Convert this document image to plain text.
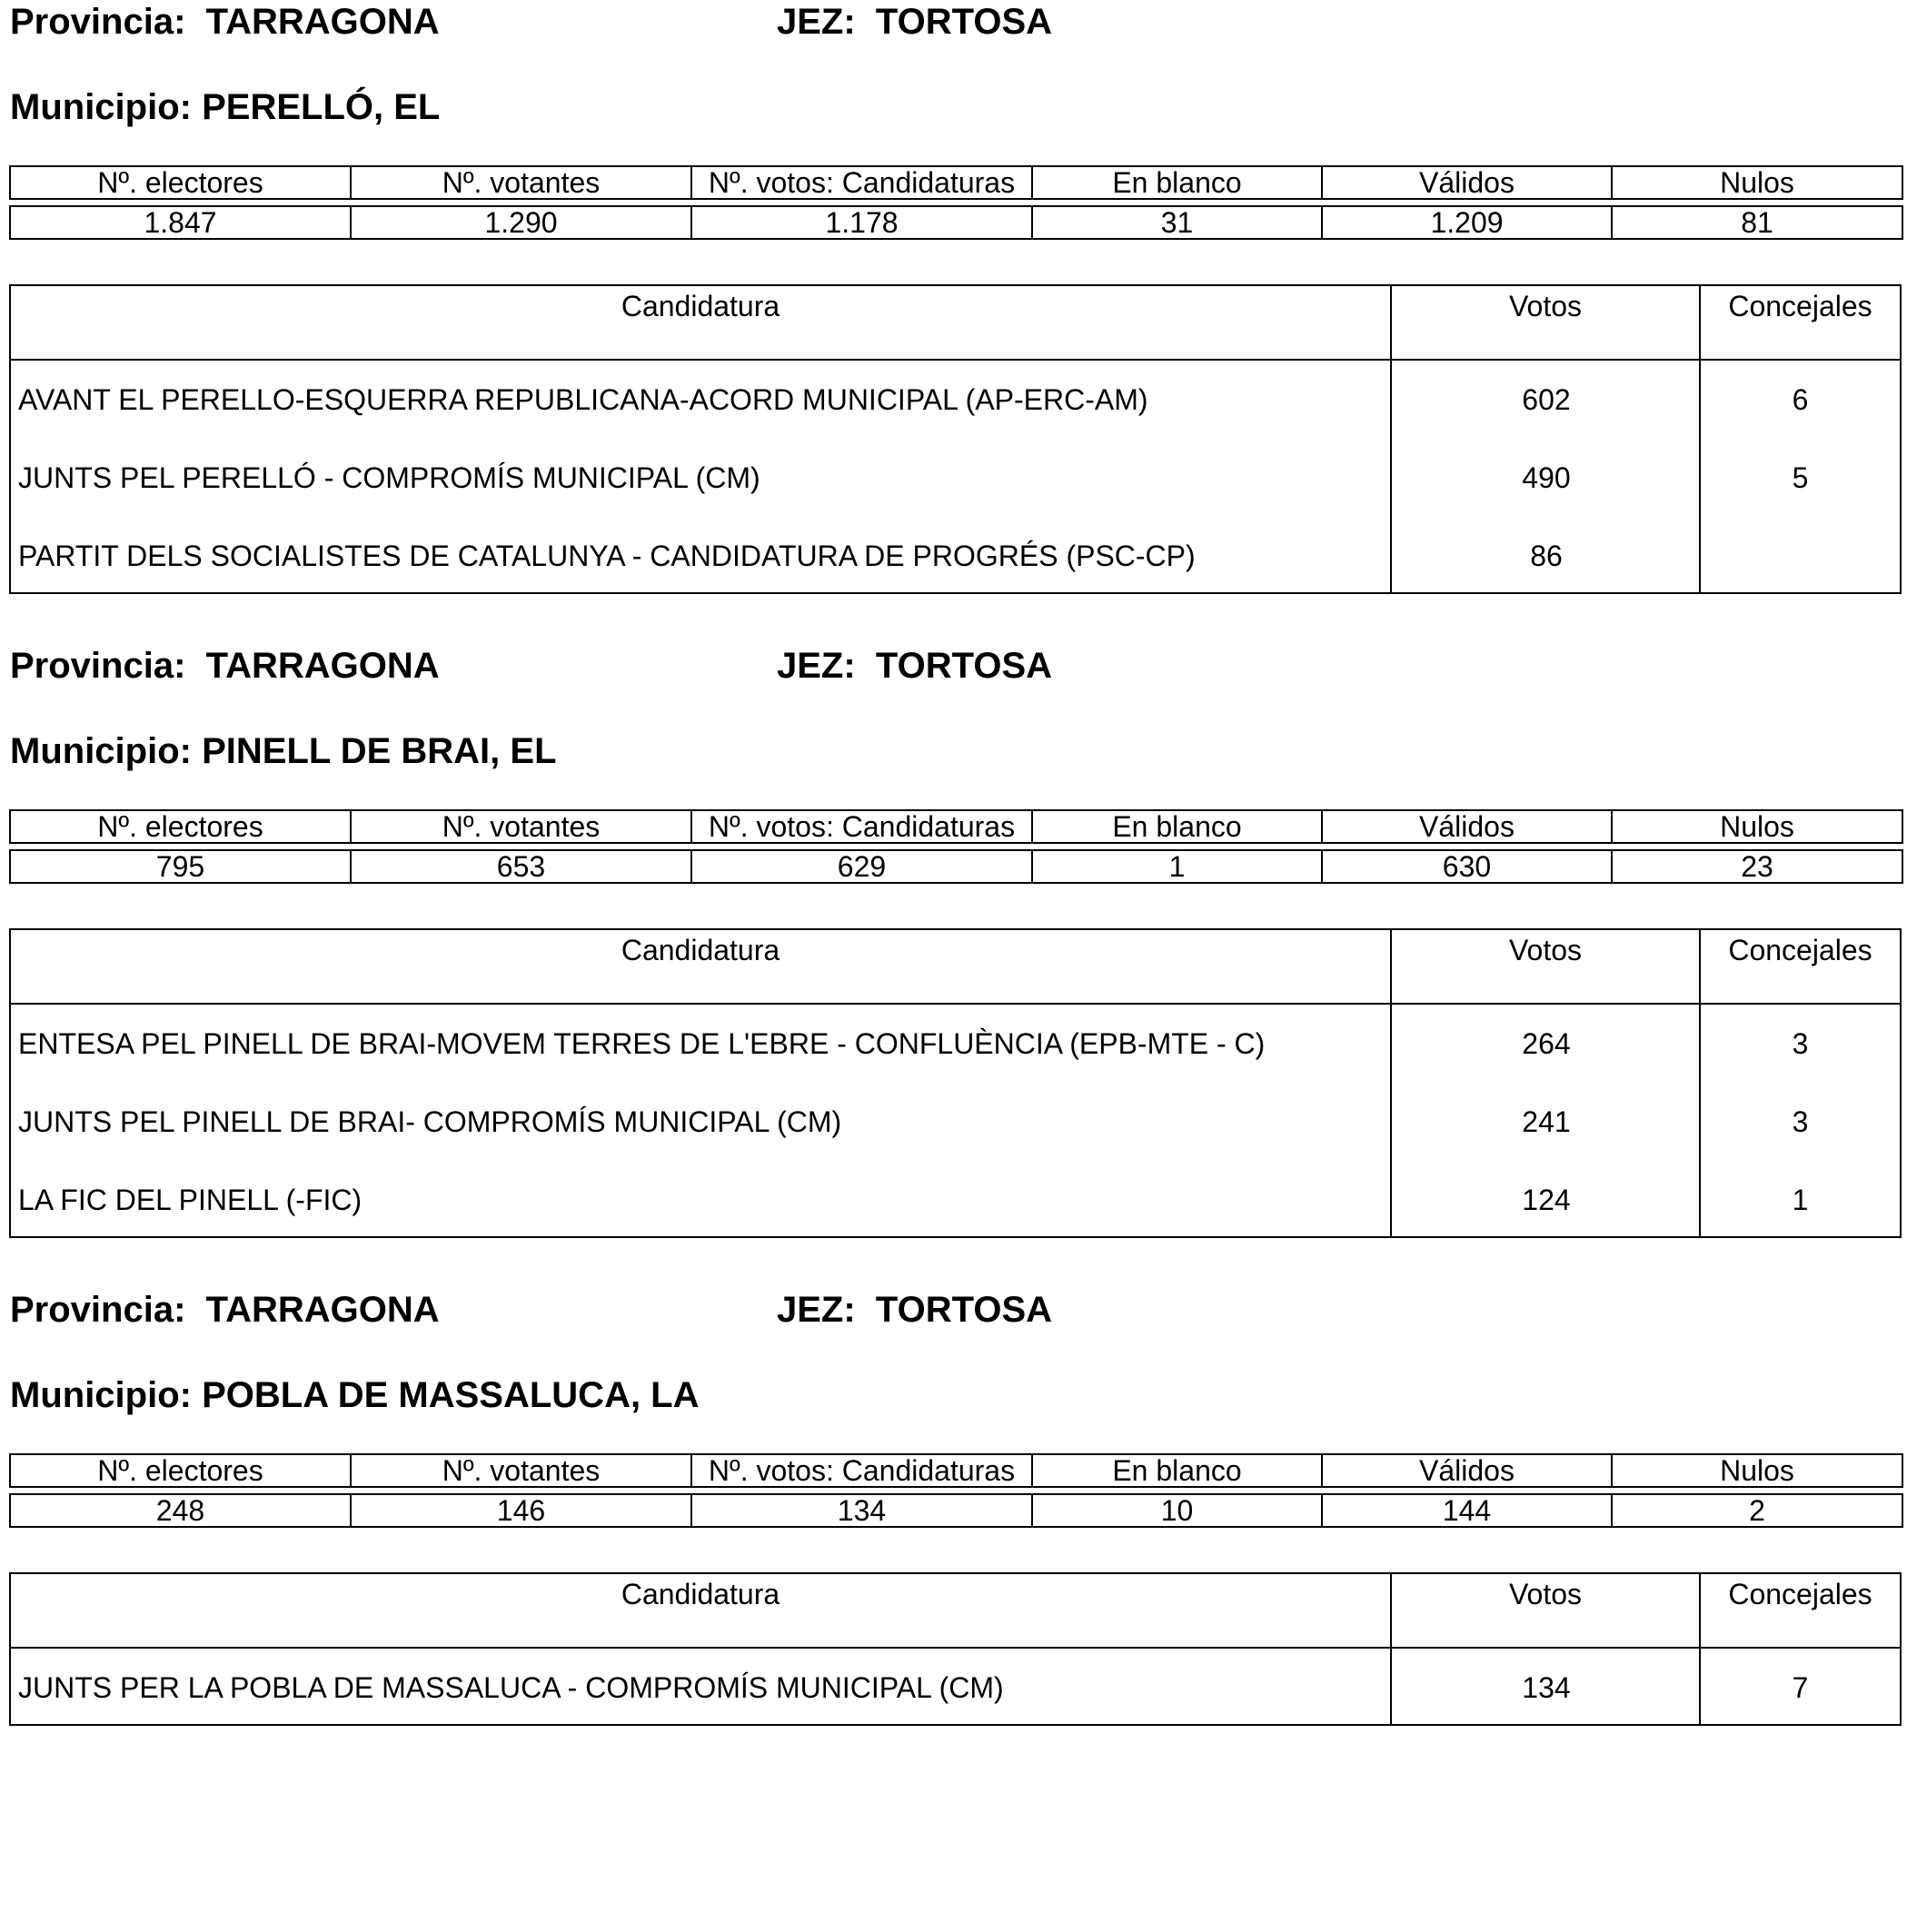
Provincia: TARRAGONA	JEZ: TORTOSA
Municipio: PERELLÓ, EL
Nº. electores	Nº. votantes	Nº. votos: Candidaturas	En blanco	Válidos	Nulos
1.847	1.290	1.178	31	1.209	81
Candidatura	Votos	Concejales
AVANT EL PERELLO-ESQUERRA REPUBLICANA-ACORD MUNICIPAL (AP-ERC-AM)	602	6
JUNTS PEL PERELLÓ - COMPROMÍS MUNICIPAL (CM)	490	5
PARTIT DELS SOCIALISTES DE CATALUNYA - CANDIDATURA DE PROGRÉS (PSC-CP)	86
Provincia: TARRAGONA	JEZ: TORTOSA
Municipio: PINELL DE BRAI, EL
Nº. electores	Nº. votantes	Nº. votos: Candidaturas	En blanco	Válidos	Nulos
795	653	629	1	630	23
Candidatura	Votos	Concejales
ENTESA PEL PINELL DE BRAI-MOVEM TERRES DE L'EBRE - CONFLUÈNCIA (EPB-MTE - C)	264	3
JUNTS PEL PINELL DE BRAI- COMPROMÍS MUNICIPAL (CM)	241	3
LA FIC DEL PINELL (-FIC)	124	1
Provincia: TARRAGONA	JEZ: TORTOSA
Municipio: POBLA DE MASSALUCA, LA
Nº. electores	Nº. votantes	Nº. votos: Candidaturas	En blanco	Válidos	Nulos
248	146	134	10	144	2
Candidatura	Votos	Concejales
JUNTS PER LA POBLA DE MASSALUCA - COMPROMÍS MUNICIPAL (CM)	134	7
